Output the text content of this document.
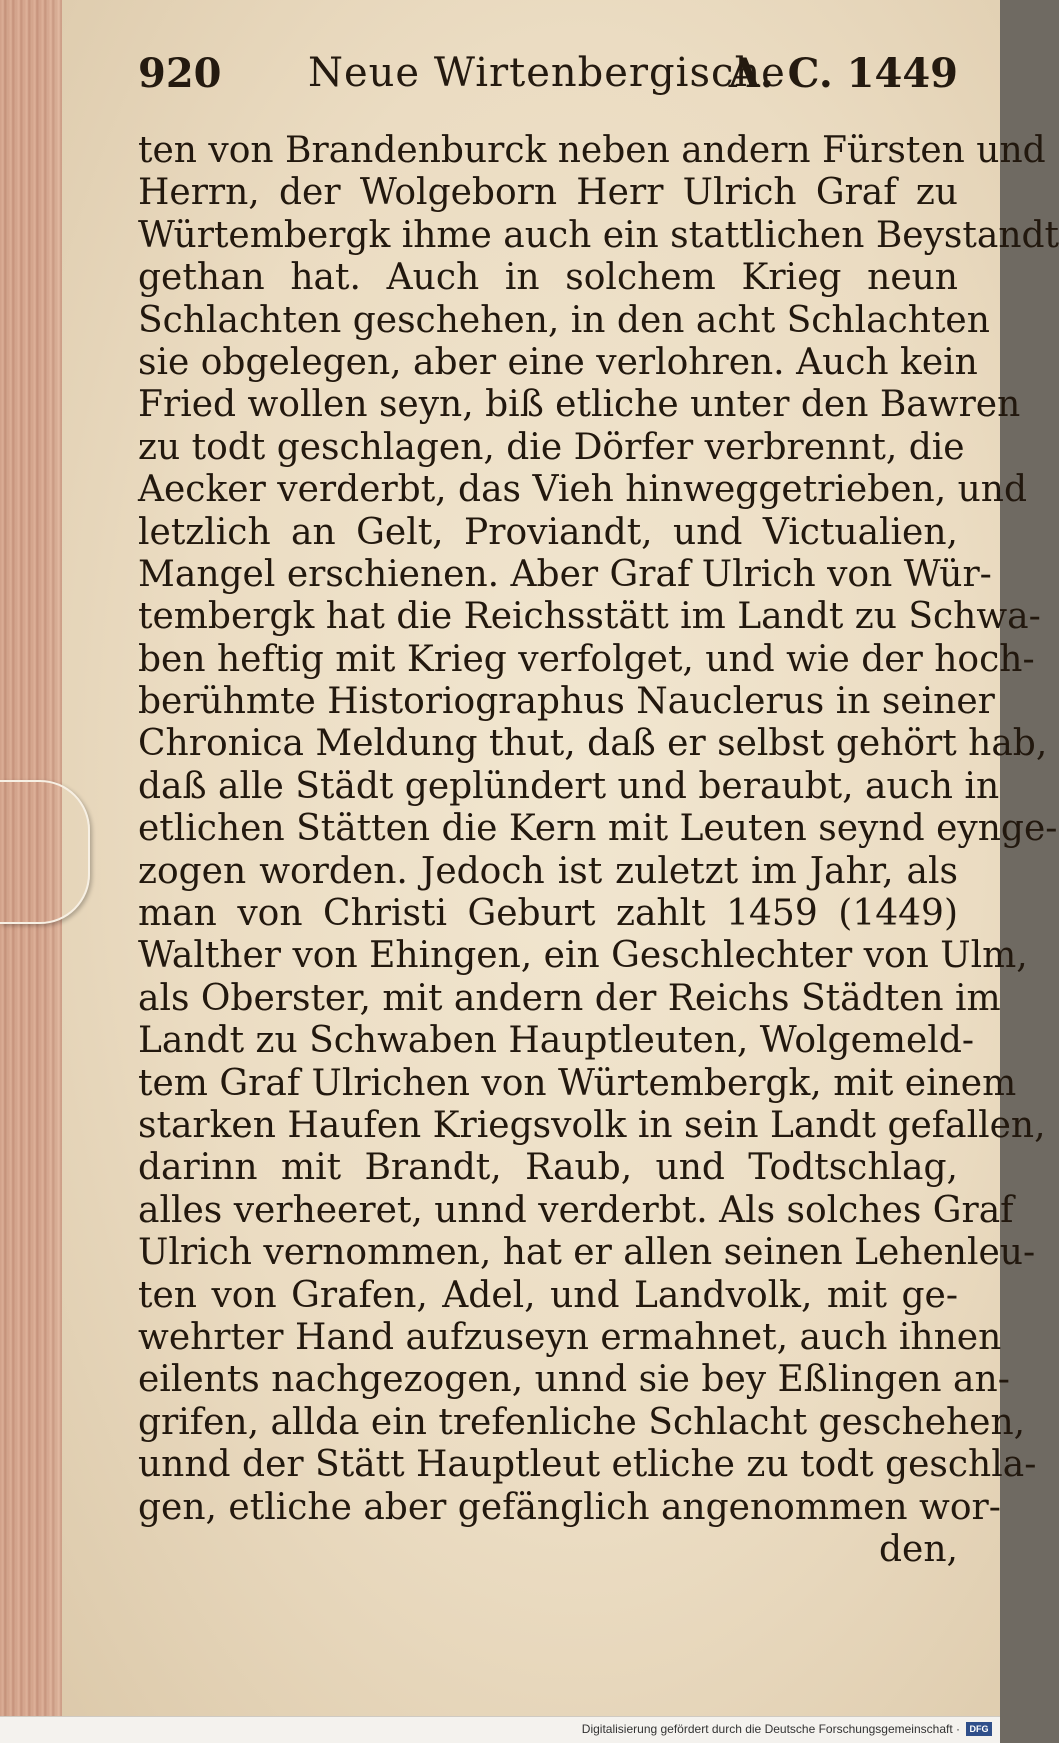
920 Neue Wirtenbergische
A. C. 1449
ten von Brandenburck neben andern Fürsten und
Herrn, der Wolgeborn Herr Ulrich Graf zu
Würtembergk ihme auch ein stattlichen Beystandt
gethan hat. Auch in solchem Krieg neun
Schlachten geschehen, in den acht Schlachten
sie obgelegen, aber eine verlohren. Auch kein
Fried wollen seyn, biß etliche unter den Bawren
zu todt geschlagen, die Dörfer verbrennt, die
Aecker verderbt, das Vieh hinweggetrieben, und
letzlich an Gelt, Proviandt, und Victualien,
Mangel erschienen. Aber Graf Ulrich von Wür-
tembergk hat die Reichsstätt im Landt zu Schwa-
ben heftig mit Krieg verfolget, und wie der hoch-
berühmte Historiographus Nauclerus in seiner
Chronica Meldung thut, daß er selbst gehört hab,
daß alle Städt geplündert und beraubt, auch in
etlichen Stätten die Kern mit Leuten seynd eynge-
zogen worden. Jedoch ist zuletzt im Jahr, als
man von Christi Geburt zahlt 1459 (1449)
Walther von Ehingen, ein Geschlechter von Ulm,
als Oberster, mit andern der Reichs Städten im
Landt zu Schwaben Hauptleuten, Wolgemeld-
tem Graf Ulrichen von Würtembergk, mit einem
starken Haufen Kriegsvolk in sein Landt gefallen,
darinn mit Brandt, Raub, und Todtschlag,
alles verheeret, unnd verderbt. Als solches Graf
Ulrich vernommen, hat er allen seinen Lehenleu-
ten von Grafen, Adel, und Landvolk, mit ge-
wehrter Hand aufzuseyn ermahnet, auch ihnen
eilents nachgezogen, unnd sie bey Eßlingen an-
grifen, allda ein trefenliche Schlacht geschehen,
unnd der Stätt Hauptleut etliche zu todt geschla-
gen, etliche aber gefänglich angenommen wor-
den,
Digitalisierung gefördert durch die Deutsche Forschungsgemeinschaft ·	DFG
